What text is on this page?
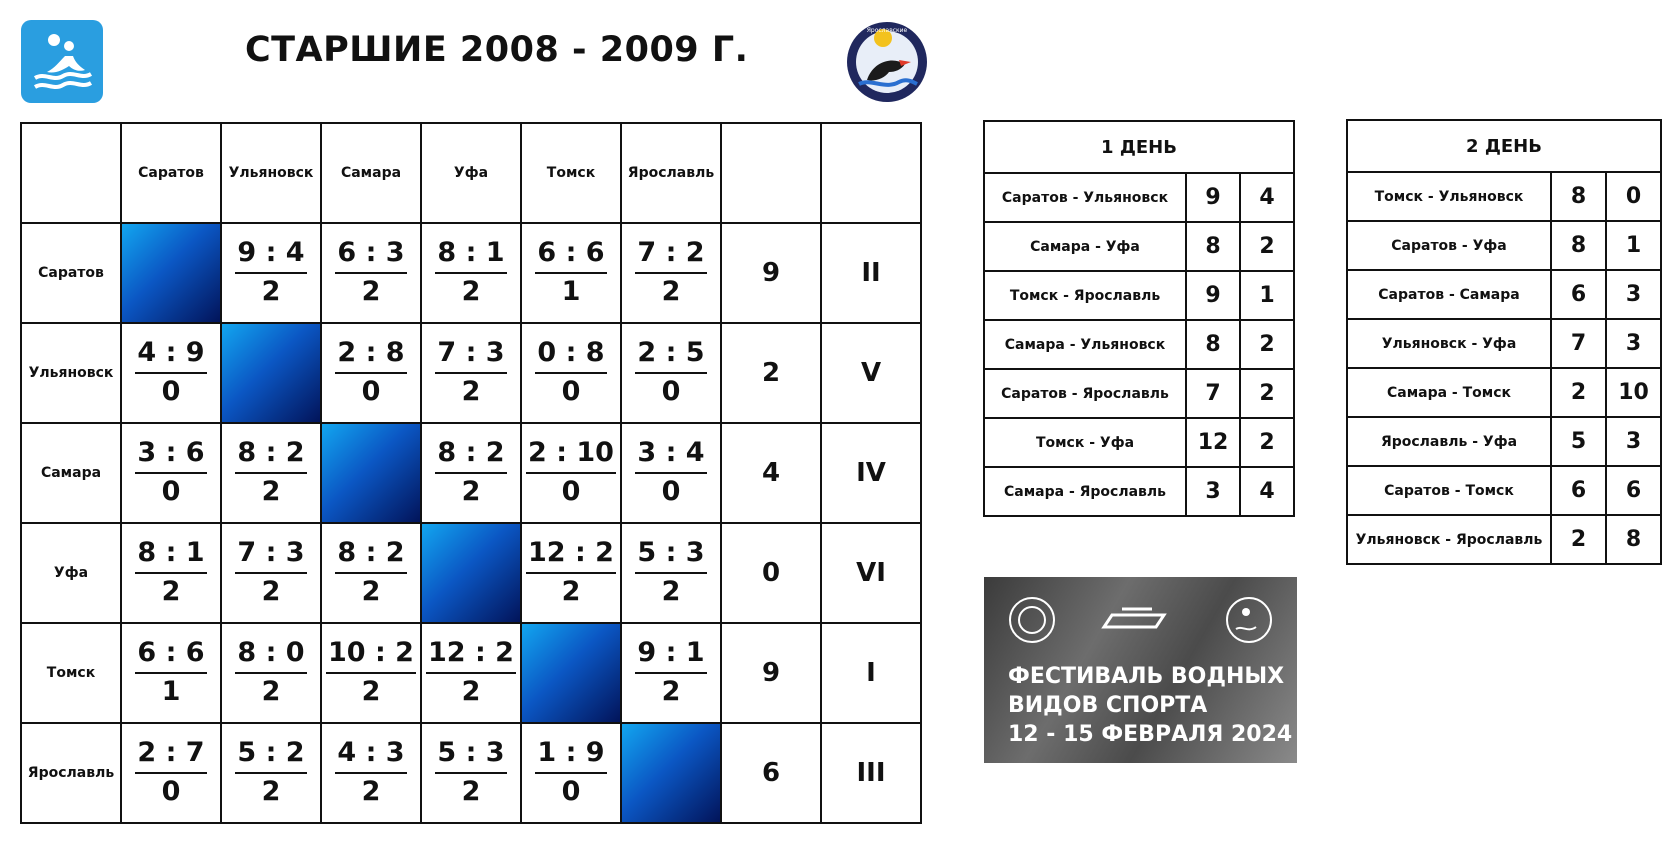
СТАРШИЕ 2008 - 2009 Г.	Ярославские
	Саратов	Ульяновск	Самара	Уфа	Томск	Ярославль		
Саратов		$\frac{9 : 4}{2}$	$\frac{6 : 3}{2}$	$\frac{8 : 1}{2}$	$\frac{6 : 6}{1}$	$\frac{7 : 2}{2}$	9	II
Ульяновск	$\frac{4 : 9}{0}$		$\frac{2 : 8}{0}$	$\frac{7 : 3}{2}$	$\frac{0 : 8}{0}$	$\frac{2 : 5}{0}$	2	V
Самара	$\frac{3 : 6}{0}$	$\frac{8 : 2}{2}$		$\frac{8 : 2}{2}$	$\frac{2 : 10}{0}$	$\frac{3 : 4}{0}$	4	IV
Уфа	$\frac{8 : 1}{2}$	$\frac{7 : 3}{2}$	$\frac{8 : 2}{2}$		$\frac{12 : 2}{2}$	$\frac{5 : 3}{2}$	0	VI
Томск	$\frac{6 : 6}{1}$	$\frac{8 : 0}{2}$	$\frac{10 : 2}{2}$	$\frac{12 : 2}{2}$		$\frac{9 : 1}{2}$	9	I
Ярославль	$\frac{2 : 7}{0}$	$\frac{5 : 2}{2}$	$\frac{4 : 3}{2}$	$\frac{5 : 3}{2}$	$\frac{1 : 9}{0}$		6	III
1 ДЕНЬ		
Саратов - Ульяновск	9	4
Самара - Уфа	8	2
Томск - Ярославль	9	1
Самара - Ульяновск	8	2
Саратов - Ярославль	7	2
Томск - Уфа	12	2
Самара - Ярославль	3	4
2 ДЕНЬ		
Томск - Ульяновск	8	0
Саратов - Уфа	8	1
Саратов - Самара	6	3
Ульяновск - Уфа	7	3
Самара - Томск	2	10
Ярославль - Уфа	5	3
Саратов - Томск	6	6
Ульяновск - Ярославль	2	8
ФЕСТИВАЛЬ ВОДНЫХ
ВИДОВ СПОРТА
12 - 15 ФЕВРАЛЯ 2024
